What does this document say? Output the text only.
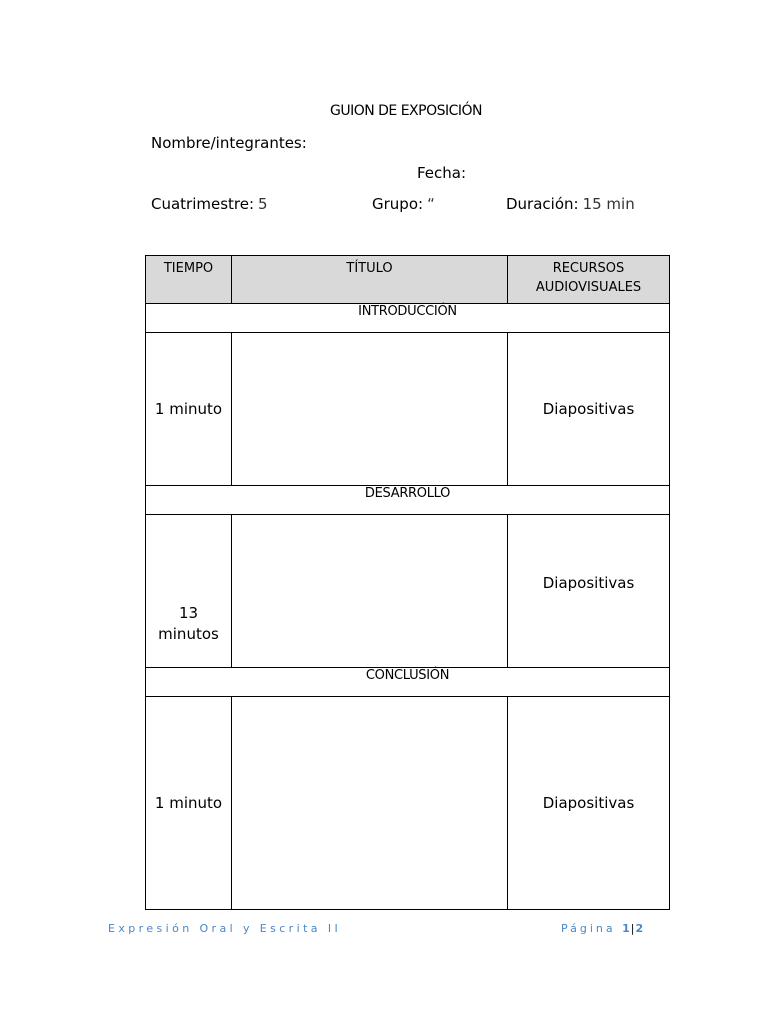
GUION DE EXPOSICIÓN
Nombre/integrantes:
Fecha:
Cuatrimestre: 5	Grupo: “	Duración: 15 min
TIEMPO	TÍTULO	RECURSOS
AUDIOVISUALES
INTRODUCCIÓN		
1 minuto		Diapositivas
DESARROLLO		
13
minutos		Diapositivas
CONCLUSIÓN		
1 minuto		Diapositivas
Expresión Oral y Escrita II	Página 1|2
